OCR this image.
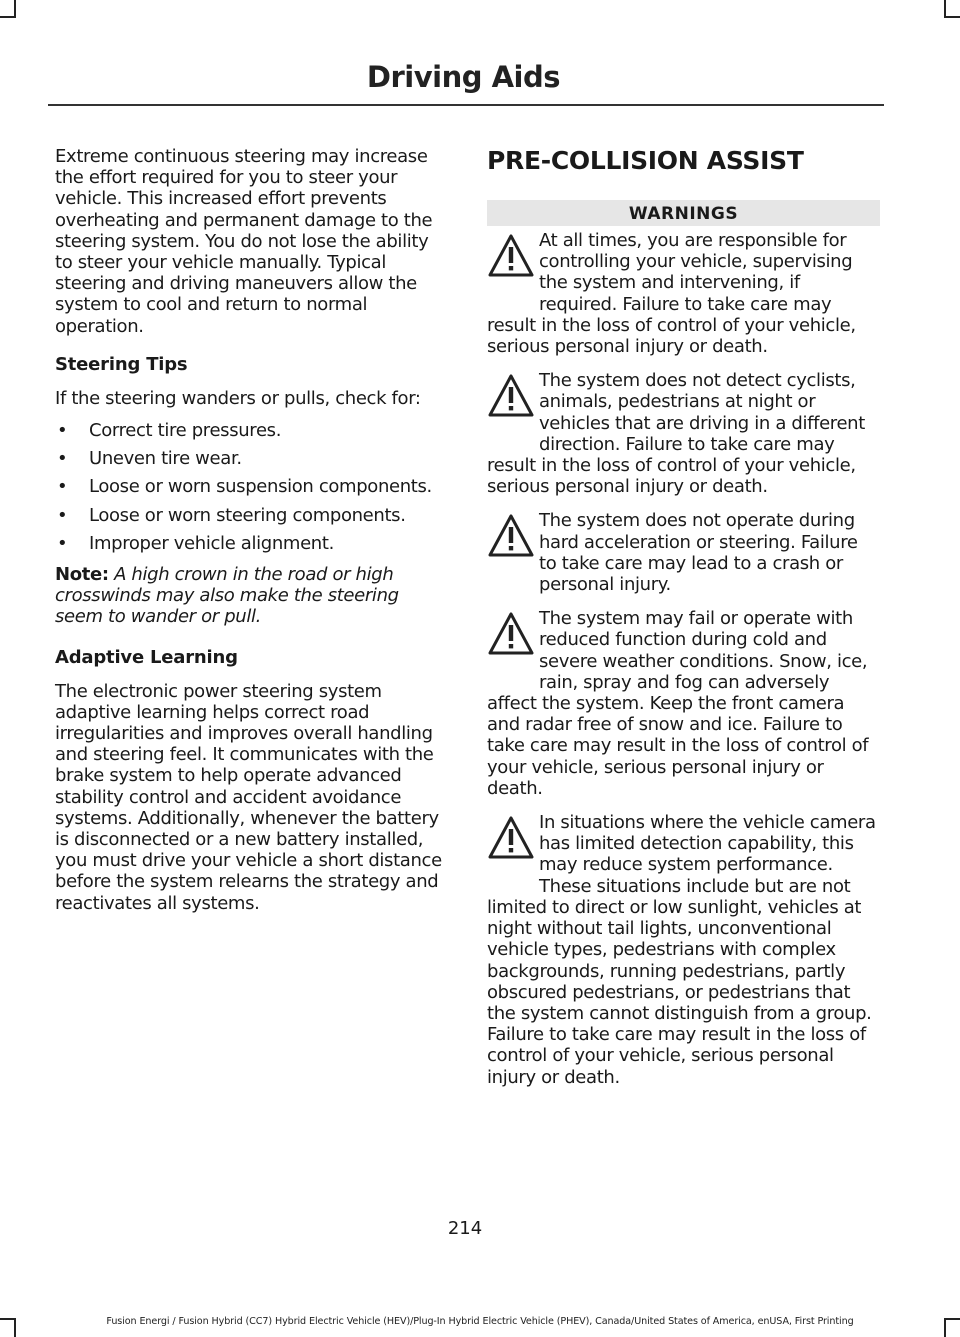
Driving Aids

Extreme continuous steering may increase the effort required for you to steer your vehicle. This increased effort prevents overheating and permanent damage to the steering system. You do not lose the ability to steer your vehicle manually. Typical steering and driving maneuvers allow the system to cool and return to normal operation.

Steering Tips

If the steering wanders or pulls, check for:

• Correct tire pressures.
• Uneven tire wear.
• Loose or worn suspension components.
• Loose or worn steering components.
• Improper vehicle alignment.

Note: A high crown in the road or high crosswinds may also make the steering seem to wander or pull.

Adaptive Learning

The electronic power steering system adaptive learning helps correct road irregularities and improves overall handling and steering feel. It communicates with the brake system to help operate advanced stability control and accident avoidance systems. Additionally, whenever the battery is disconnected or a new battery installed, you must drive your vehicle a short distance before the system relearns the strategy and reactivates all systems.

PRE-COLLISION ASSIST
WARNINGS

At all times, you are responsible for controlling your vehicle, supervising the system and intervening, if required. Failure to take care may result in the loss of control of your vehicle, serious personal injury or death.

The system does not detect cyclists, animals, pedestrians at night or vehicles that are driving in a different direction. Failure to take care may result in the loss of control of your vehicle, serious personal injury or death.

The system does not operate during hard acceleration or steering. Failure to take care may lead to a crash or personal injury.

The system may fail or operate with reduced function during cold and severe weather conditions. Snow, ice, rain, spray and fog can adversely affect the system. Keep the front camera and radar free of snow and ice. Failure to take care may result in the loss of control of your vehicle, serious personal injury or death.

In situations where the vehicle camera has limited detection capability, this may reduce system performance. These situations include but are not limited to direct or low sunlight, vehicles at night without tail lights, unconventional vehicle types, pedestrians with complex backgrounds, running pedestrians, partly obscured pedestrians, or pedestrians that the system cannot distinguish from a group. Failure to take care may result in the loss of control of your vehicle, serious personal injury or death.

214
Fusion Energi / Fusion Hybrid (CC7) Hybrid Electric Vehicle (HEV)/Plug-In Hybrid Electric Vehicle (PHEV), Canada/United States of America, enUSA, First Printing
